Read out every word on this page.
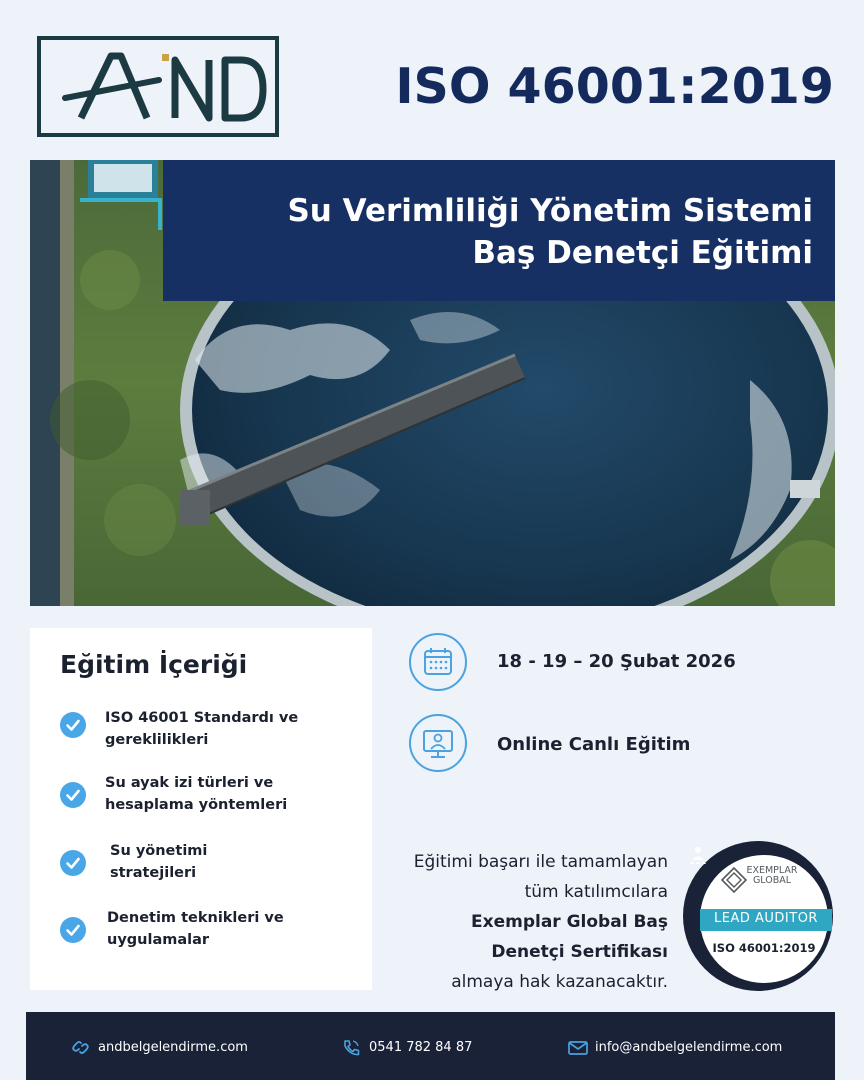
ISO 46001:2019
Su Verimliliği Yönetim Sistemi
Baş Denetçi Eğitimi
Eğitim İçeriği
ISO 46001 Standardı ve
gereklilikleri
Su ayak izi türleri ve
hesaplama yöntemleri
Su yönetimi
stratejileri
Denetim teknikleri ve
uygulamalar
18 - 19 – 20 Şubat 2026
Online Canlı Eğitim
Eğitimi başarı ile tamamlayan
tüm katılımcılara
Exemplar Global Baş
Denetçi Sertifikası
almaya hak kazanacaktır.
EXEMPLAR
GLOBAL
LEAD AUDITOR
ISO 46001:2019
andbelgelendirme.com	0541 782 84 87	info@andbelgelendirme.com
